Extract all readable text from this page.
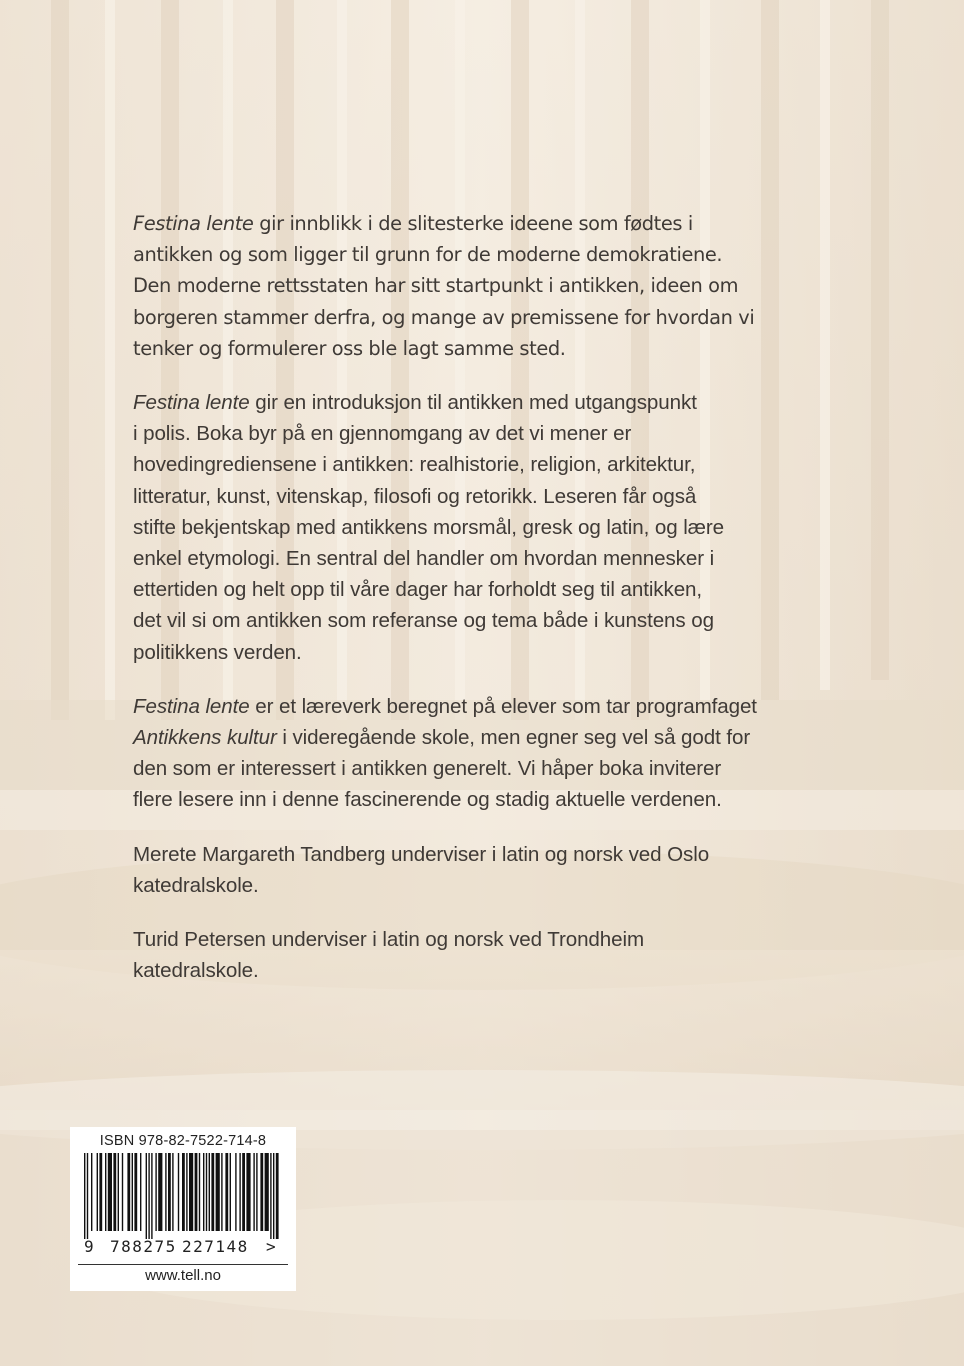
Festina lente gir innblikk i de slitesterke ideene som fødtes i
antikken og som ligger til grunn for de moderne demokratiene.
Den moderne rettsstaten har sitt startpunkt i antikken, ideen om
borgeren stammer derfra, og mange av premissene for hvordan vi
tenker og formulerer oss ble lagt samme sted.

Festina lente gir en introduksjon til antikken med utgangspunkt
i polis. Boka byr på en gjennomgang av det vi mener er
hovedingrediensene i antikken: realhistorie, religion, arkitektur,
litteratur, kunst, vitenskap, filosofi og retorikk. Leseren får også
stifte bekjentskap med antikkens morsmål, gresk og latin, og lære
enkel etymologi. En sentral del handler om hvordan mennesker i
ettertiden og helt opp til våre dager har forholdt seg til antikken,
det vil si om antikken som referanse og tema både i kunstens og
politikkens verden.

Festina lente er et læreverk beregnet på elever som tar programfaget
Antikkens kultur i videregående skole, men egner seg vel så godt for
den som er interessert i antikken generelt. Vi håper boka inviterer
flere lesere inn i denne fascinerende og stadig aktuelle verdenen.

Merete Margareth Tandberg underviser i latin og norsk ved Oslo
katedralskole.

Turid Petersen underviser i latin og norsk ved Trondheim
katedralskole.

ISBN 978-82-7522-714-8
9 788275 227148 >
www.tell.no
